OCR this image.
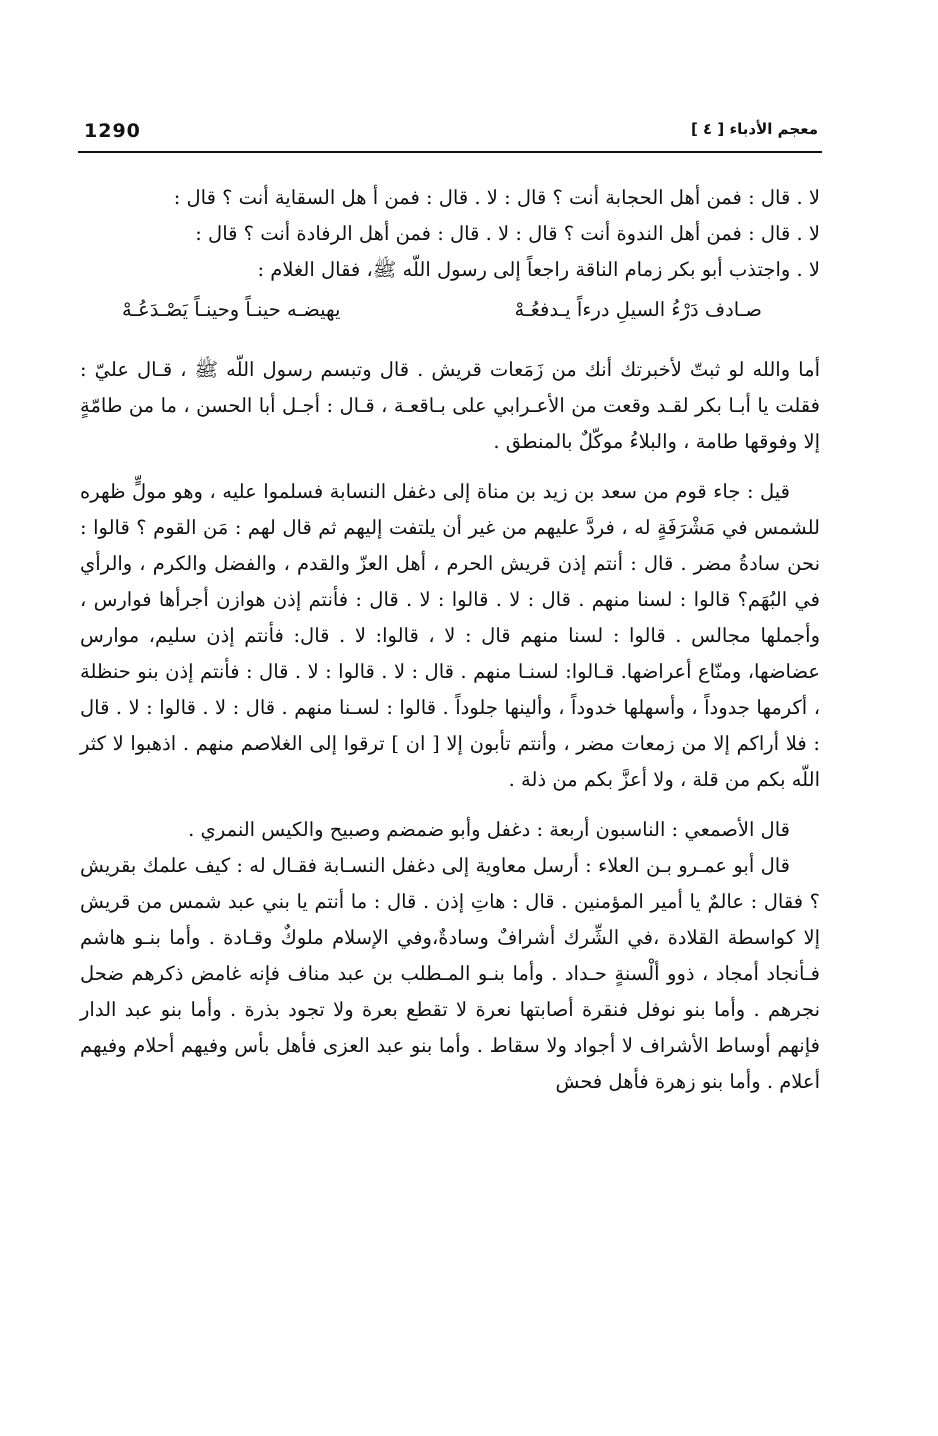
1290	معجم الأدباء [ ٤ ]

لا . قال : فمن أهل الحجابة أنت ؟ قال : لا . قال : فمن أ هل السقاية أنت ؟ قال :

لا . قال : فمن أهل الندوة أنت ؟ قال : لا . قال : فمن أهل الرفادة أنت ؟ قال :

لا . واجتذب أبو بكر زمام الناقة راجعاً إلى رسول اللّه ﷺ، فقال الغلام :

صـادف دَرْءُ السيلِ درءاً يـدفعُـهْ
يهيضـه حينـاً وحينـاً يَصْـدَعُـهْ

أما والله لو ثبتّ لأخبرتك أنك من زَمَعات قريش . قال وتبسم رسول اللّه ﷺ ، قـال عليّ : فقلت يا أبـا بكر لقـد وقعت من الأعـرابي على بـاقعـة ، قـال : أجـل أبا الحسن ، ما من طامّةٍ إلا وفوقها طامة ، والبلاءُ موكّلٌ بالمنطق .

قيل : جاء قوم من سعد بن زيد بن مناة إلى دغفل النسابة فسلموا عليه ، وهو مولٍّ ظهره للشمس في مَشْرَفَةٍ له ، فردَّ عليهم من غير أن يلتفت إليهم ثم قال لهم : مَن القوم ؟ قالوا : نحن سادةُ مضر . قال : أنتم إذن قريش الحرم ، أهل العزّ والقدم ، والفضل والكرم ، والرأي في البُهَم؟ قالوا : لسنا منهم . قال : لا . قالوا : لا . قال : فأنتم إذن هوازن أجرأها فوارس ، وأجملها مجالس . قالوا : لسنا منهم قال : لا ، قالوا: لا . قال: فأنتم إذن سليم، موارس عضاضها، ومنّاع أعراضها. قـالوا: لسنـا منهم . قال : لا . قالوا : لا . قال : فأنتم إذن بنو حنظلة ، أكرمها جدوداً ، وأسهلها خدوداً ، وألينها جلوداً . قالوا : لسـنا منهم . قال : لا . قالوا : لا . قال : فلا أراكم إلا من زمعات مضر ، وأنتم تأبون إلا [ ان ] ترقوا إلى الغلاصم منهم . اذهبوا لا كثر اللّه بكم من قلة ، ولا أعزَّ بكم من ذلة .

قال الأصمعي : الناسبون أربعة : دغفل وأبو ضمضم وصبيح والكيس النمري .

قال أبو عمـرو بـن العلاء : أرسل معاوية إلى دغفل النسـابة فقـال له : كيف علمك بقريش ؟ فقال : عالمٌ يا أمير المؤمنين . قال : هاتِ إذن . قال : ما أنتم يا بني عبد شمس من قريش إلا كواسطة القلادة ،في الشِّرك أشرافٌ وسادةٌ،وفي الإسلام ملوكٌ وقـادة . وأما بنـو هاشم فـأنجاد أمجاد ، ذوو ألْسنةٍ حـداد . وأما بنـو المـطلب بن عبد مناف فإنه غامض ذكرهم ضحل نجرهم . وأما بنو نوفل فنقرة أصابتها نعرة لا تقطع بعرة ولا تجود بذرة . وأما بنو عبد الدار فإنهم أوساط الأشراف لا أجواد ولا سقاط . وأما بنو عبد العزى فأهل بأس وفيهم أحلام وفيهم أعلام . وأما بنو زهرة فأهل فحش
